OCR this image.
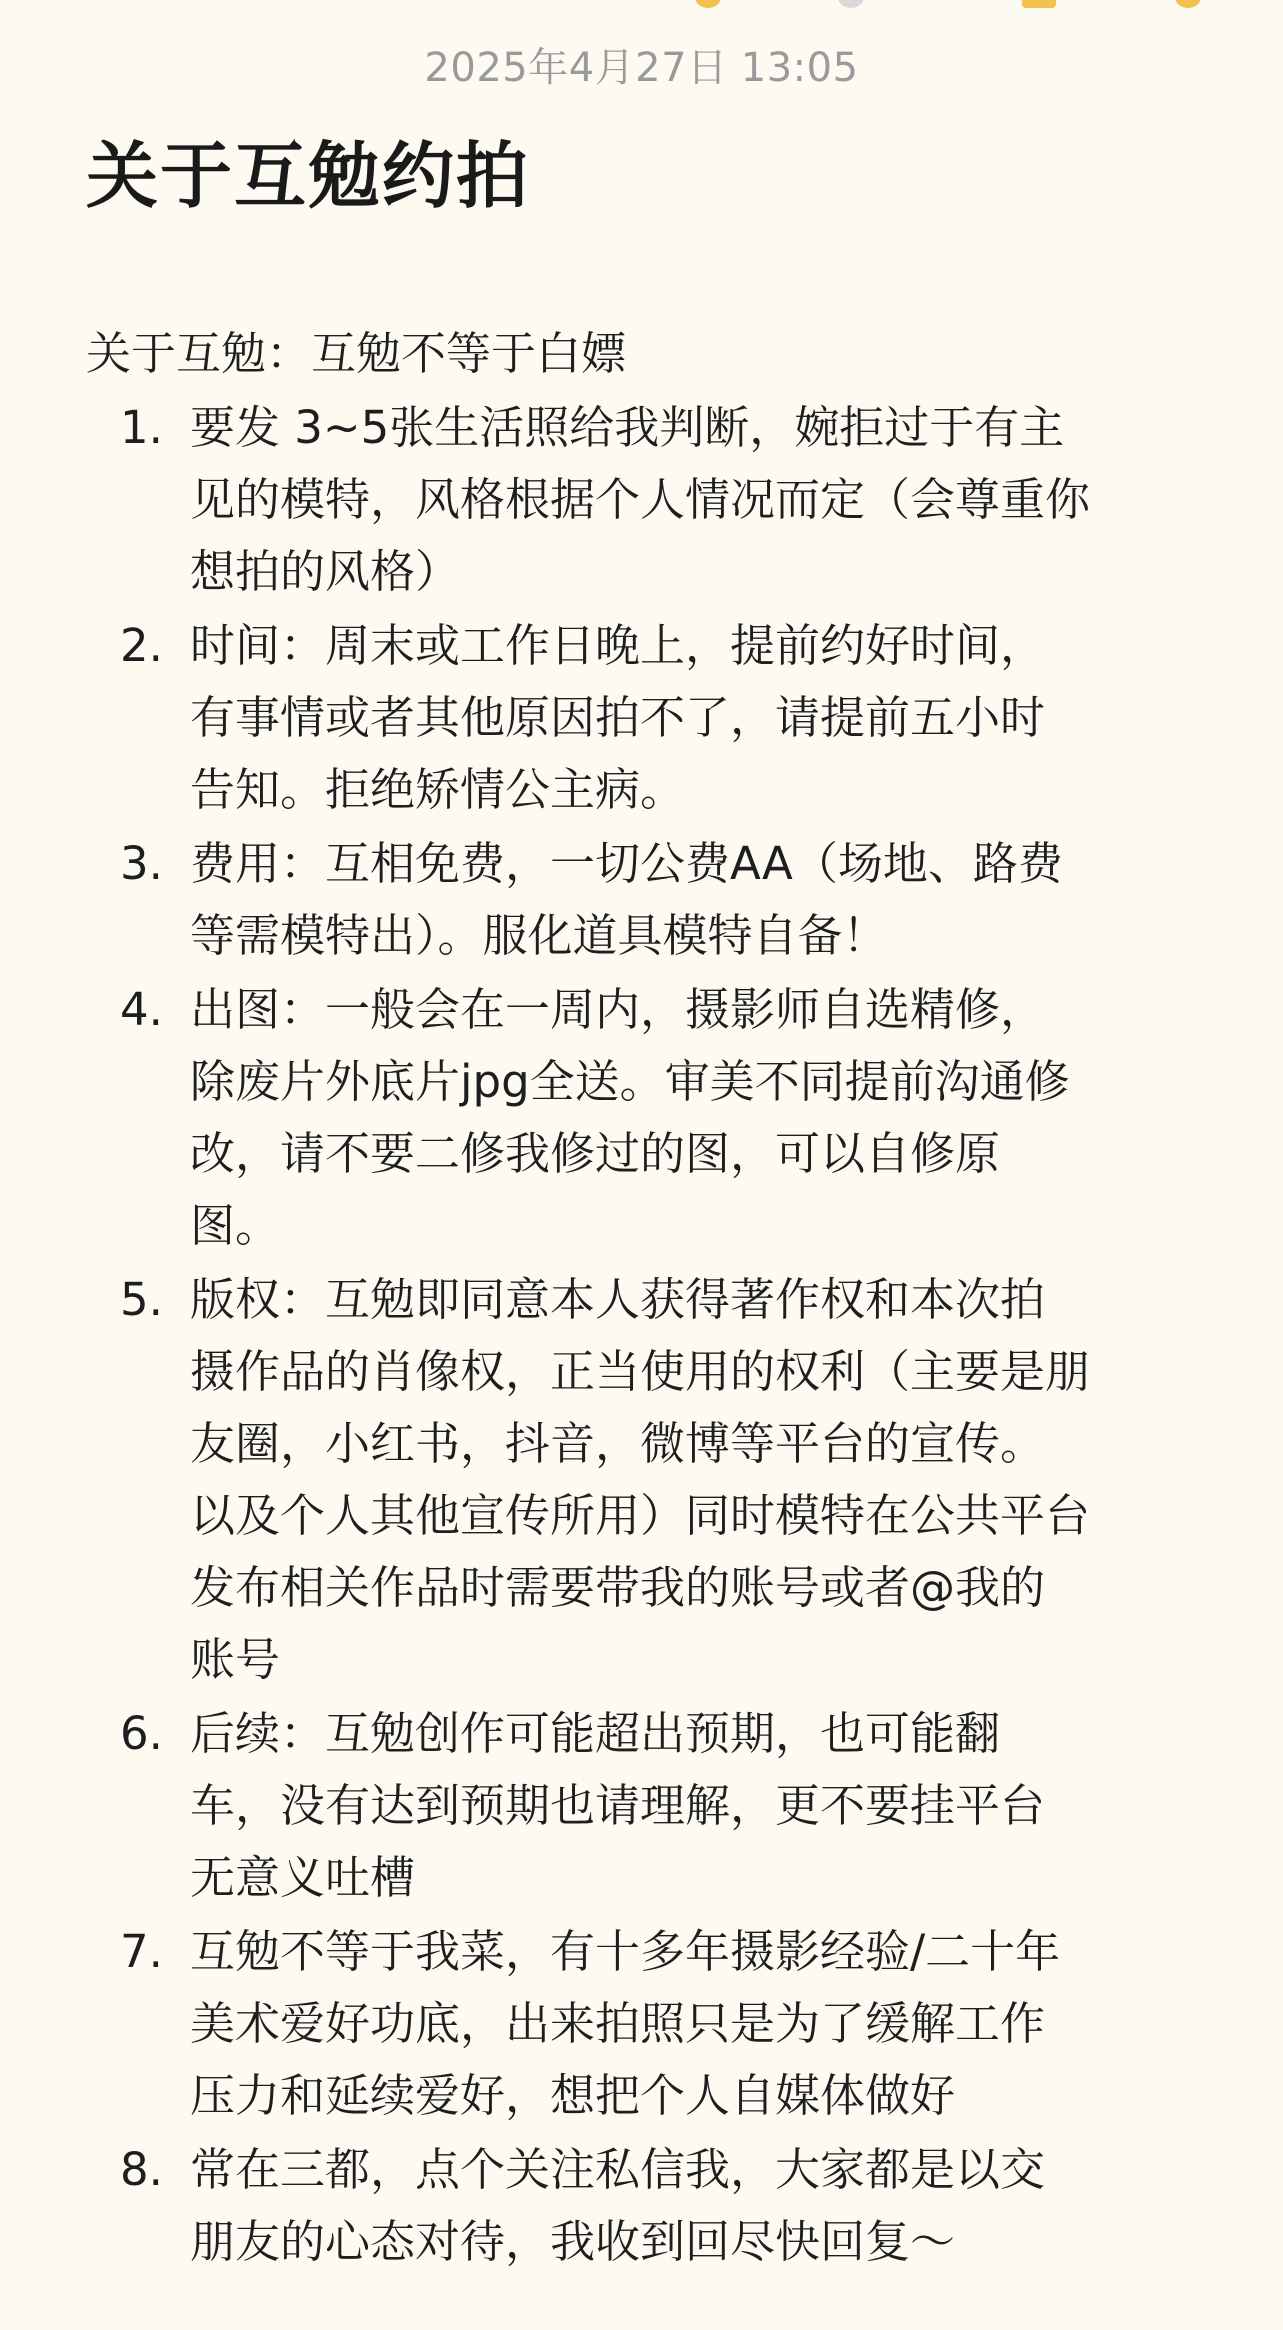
2025年4月27日 13:05
关于互勉约拍
关于互勉：互勉不等于白嫖
1. 要发 3~5张生活照给我判断，婉拒过于有主
见的模特，风格根据个人情况而定（会尊重你
想拍的风格）
2. 时间：周末或工作日晚上，提前约好时间，
有事情或者其他原因拍不了，请提前五小时
告知。拒绝矫情公主病。
3. 费用：互相免费，一切公费AA（场地、路费
等需模特出）。服化道具模特自备！
4. 出图：一般会在一周内，摄影师自选精修，
除废片外底片jpg全送。审美不同提前沟通修
改，请不要二修我修过的图，可以自修原
图。
5. 版权：互勉即同意本人获得著作权和本次拍
摄作品的肖像权，正当使用的权利（主要是朋
友圈，小红书，抖音，微博等平台的宣传。
以及个人其他宣传所用）同时模特在公共平台
发布相关作品时需要带我的账号或者@我的
账号
6. 后续：互勉创作可能超出预期，也可能翻
车，没有达到预期也请理解，更不要挂平台
无意义吐槽
7. 互勉不等于我菜，有十多年摄影经验/二十年
美术爱好功底，出来拍照只是为了缓解工作
压力和延续爱好，想把个人自媒体做好
8. 常在三都，点个关注私信我，大家都是以交
朋友的心态对待，我收到回尽快回复～
